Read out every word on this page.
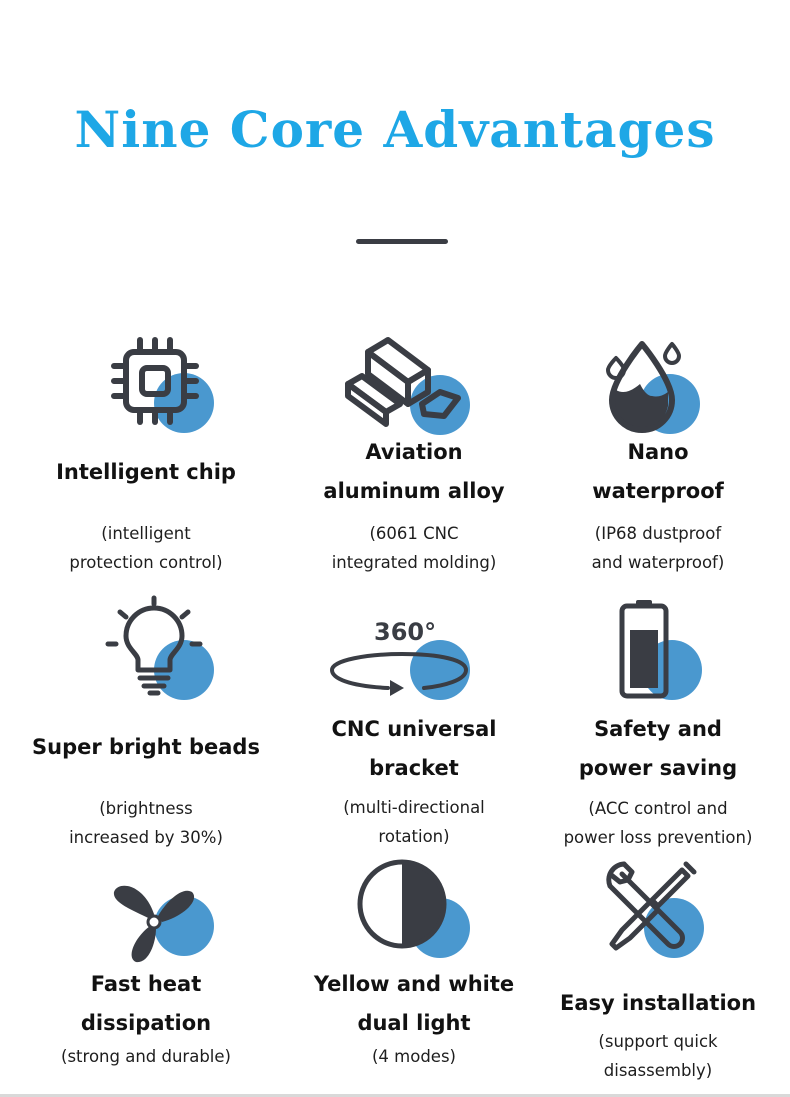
Nine Core Advantages
Intelligent chip
(intelligent
protection control)
Aviation
aluminum alloy
(6061 CNC
integrated molding)
Nano
waterproof
(IP68 dustproof
and waterproof)
Super bright beads
(brightness
increased by 30%)
360°
CNC universal
bracket
(multi-directional
rotation)
Safety and
power saving
(ACC control and
power loss prevention)
Fast heat
dissipation
(strong and durable)
Yellow and white
dual light
(4 modes)
Easy installation
(support quick
disassembly)
